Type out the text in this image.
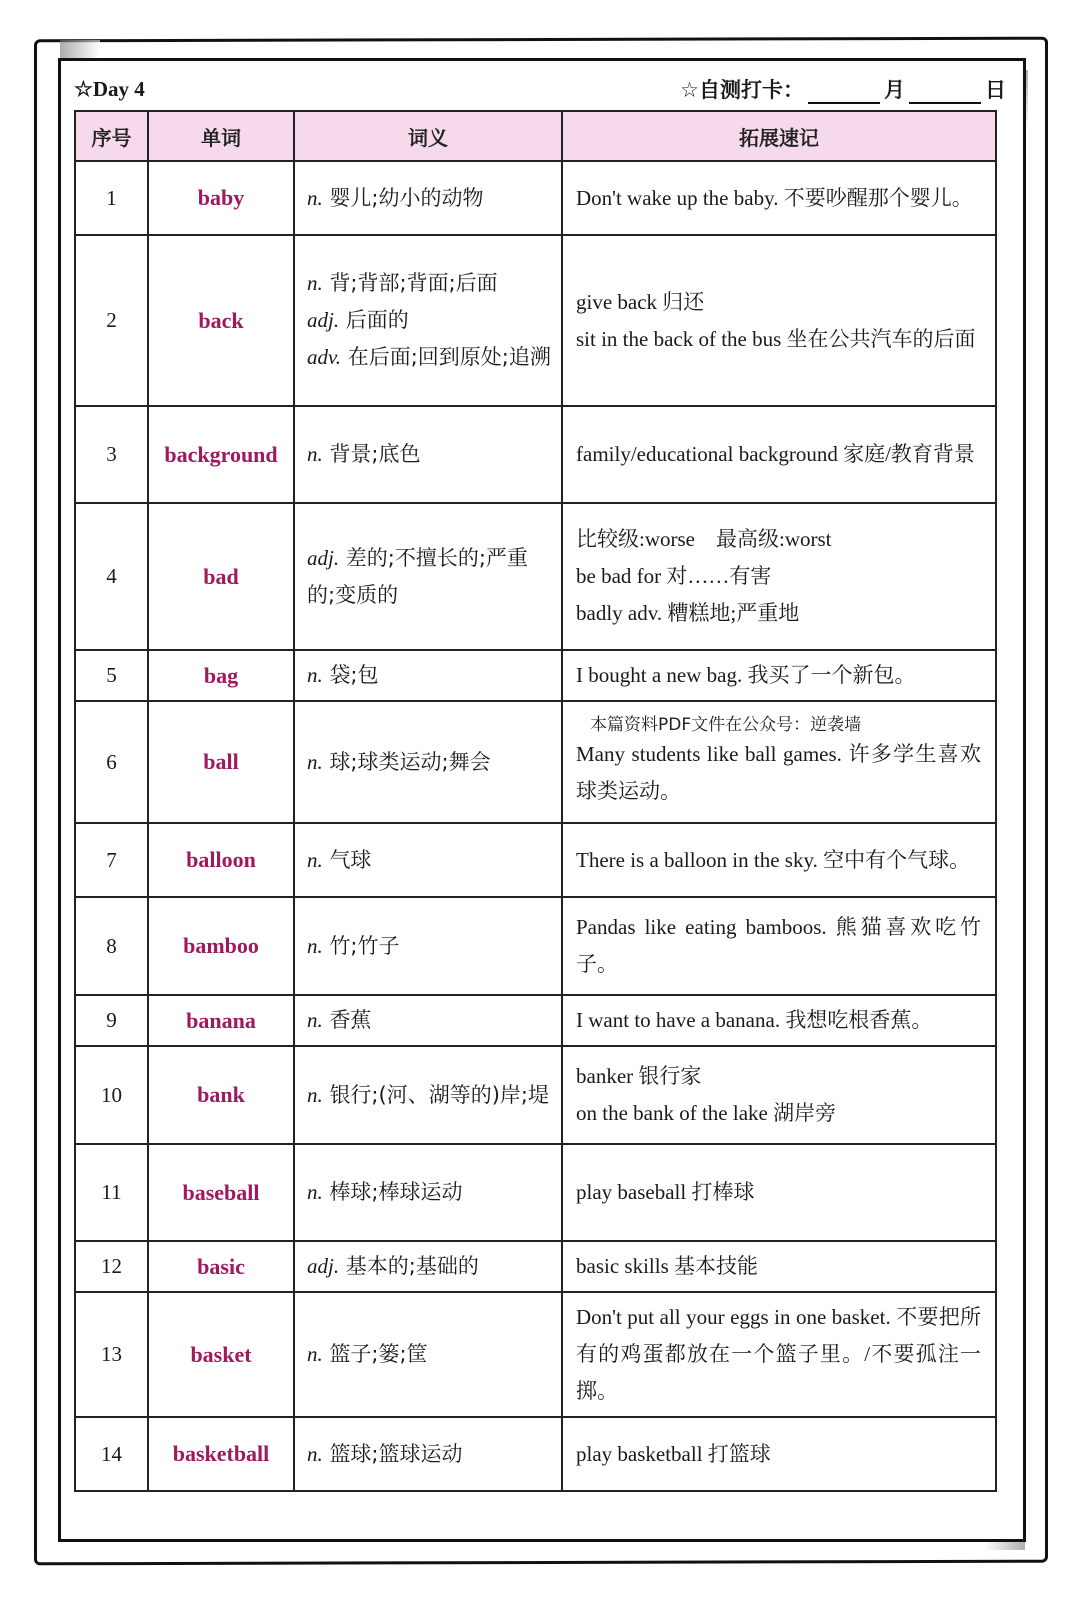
☆Day 4	☆自测打卡：	月	日
序号	单词	词义	拓展速记
1	baby	n. 婴儿;幼小的动物	Don't wake up the baby. 不要吵醒那个婴儿。

2	back	n. 背;背部;背面;后面
adj. 后面的
adv. 在后面;回到原处;追溯	give back 归还
sit in the back of the bus 坐在公共汽车的后面

3	background	n. 背景;底色	family/educational background 家庭/教育背景

4	bad	adj. 差的;不擅长的;严重的;变质的	比较级:worse　最高级:worst
be bad for 对……有害
badly adv. 糟糕地;严重地

5	bag	n. 袋;包	I bought a new bag. 我买了一个新包。

6	ball	n. 球;球类运动;舞会	本篇资料PDF文件在公众号：逆袭墙
Many students like ball games. 许多学生喜欢球类运动。

7	balloon	n. 气球	There is a balloon in the sky. 空中有个气球。

8	bamboo	n. 竹;竹子	Pandas like eating bamboos. 熊猫喜欢吃竹子。

9	banana	n. 香蕉	I want to have a banana. 我想吃根香蕉。

10	bank	n. 银行;(河、湖等的)岸;堤	banker 银行家
on the bank of the lake 湖岸旁

11	baseball	n. 棒球;棒球运动	play baseball 打棒球

12	basic	adj. 基本的;基础的	basic skills 基本技能

13	basket	n. 篮子;篓;筐	Don't put all your eggs in one basket. 不要把所有的鸡蛋都放在一个篮子里。/不要孤注一掷。

14	basketball	n. 篮球;篮球运动	play basketball 打篮球
